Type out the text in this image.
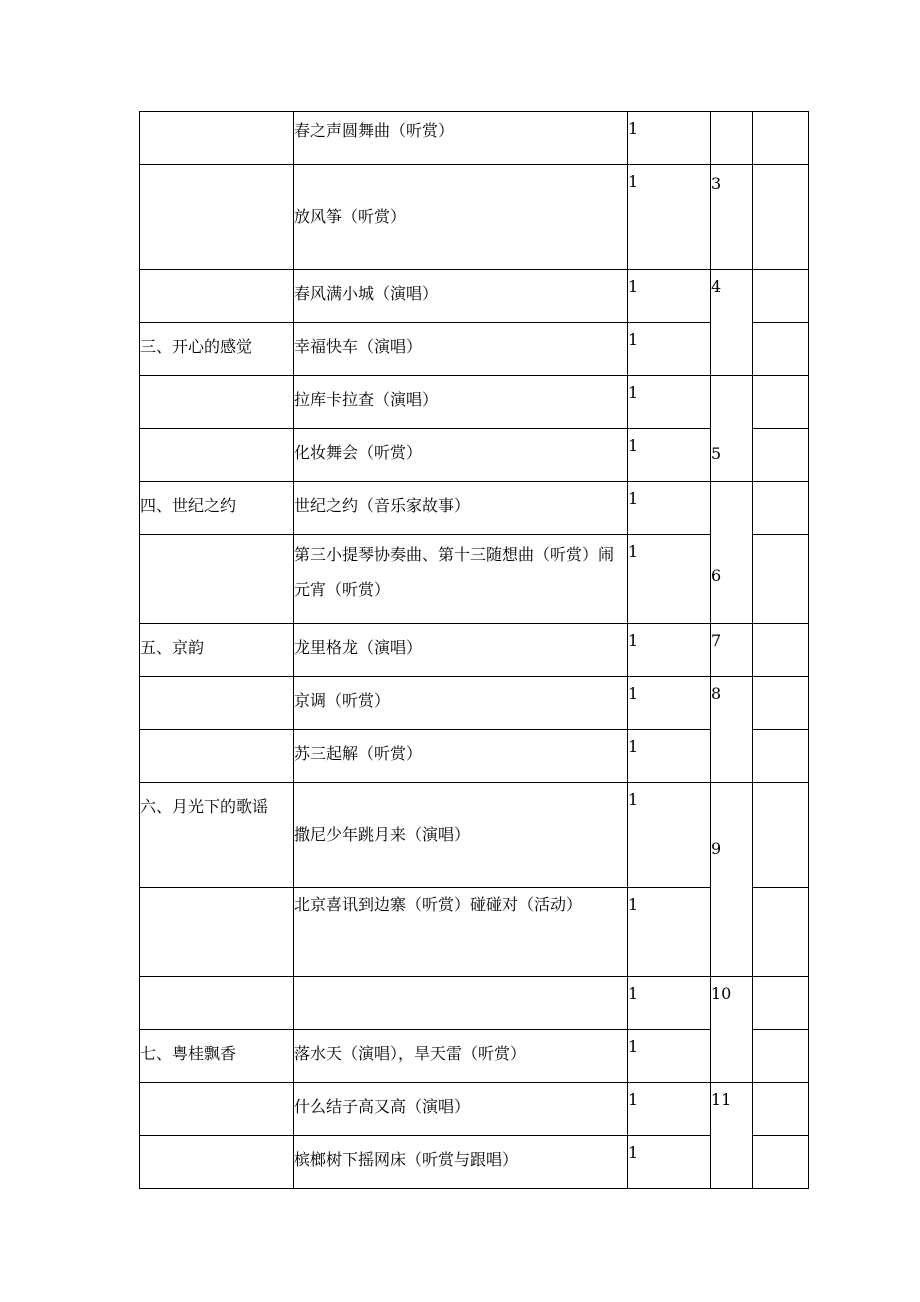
	春之声圆舞曲（听赏）	1		
	放风筝（听赏）	1	3	
	春风满小城（演唱）	1	4	
三、开心的感觉	幸福快车（演唱）	1		
	拉库卡拉查（演唱）	1	5	
	化妆舞会（听赏）	1		
四、世纪之约	世纪之约（音乐家故事）	1	6	
	第三小提琴协奏曲、第十三随想曲（听赏）闹元宵（听赏）	1		
五、京韵	龙里格龙（演唱）	1	7	
	京调（听赏）	1	8	
	苏三起解（听赏）	1		
六、月光下的歌谣	撒尼少年跳月来（演唱）	1	9	
	北京喜讯到边寨（听赏）碰碰对（活动）	1		
		1	10	
七、粤桂飘香	落水天（演唱），旱天雷（听赏）	1		
	什么结子高又高（演唱）	1	11	
	槟榔树下摇网床（听赏与跟唱）	1		
